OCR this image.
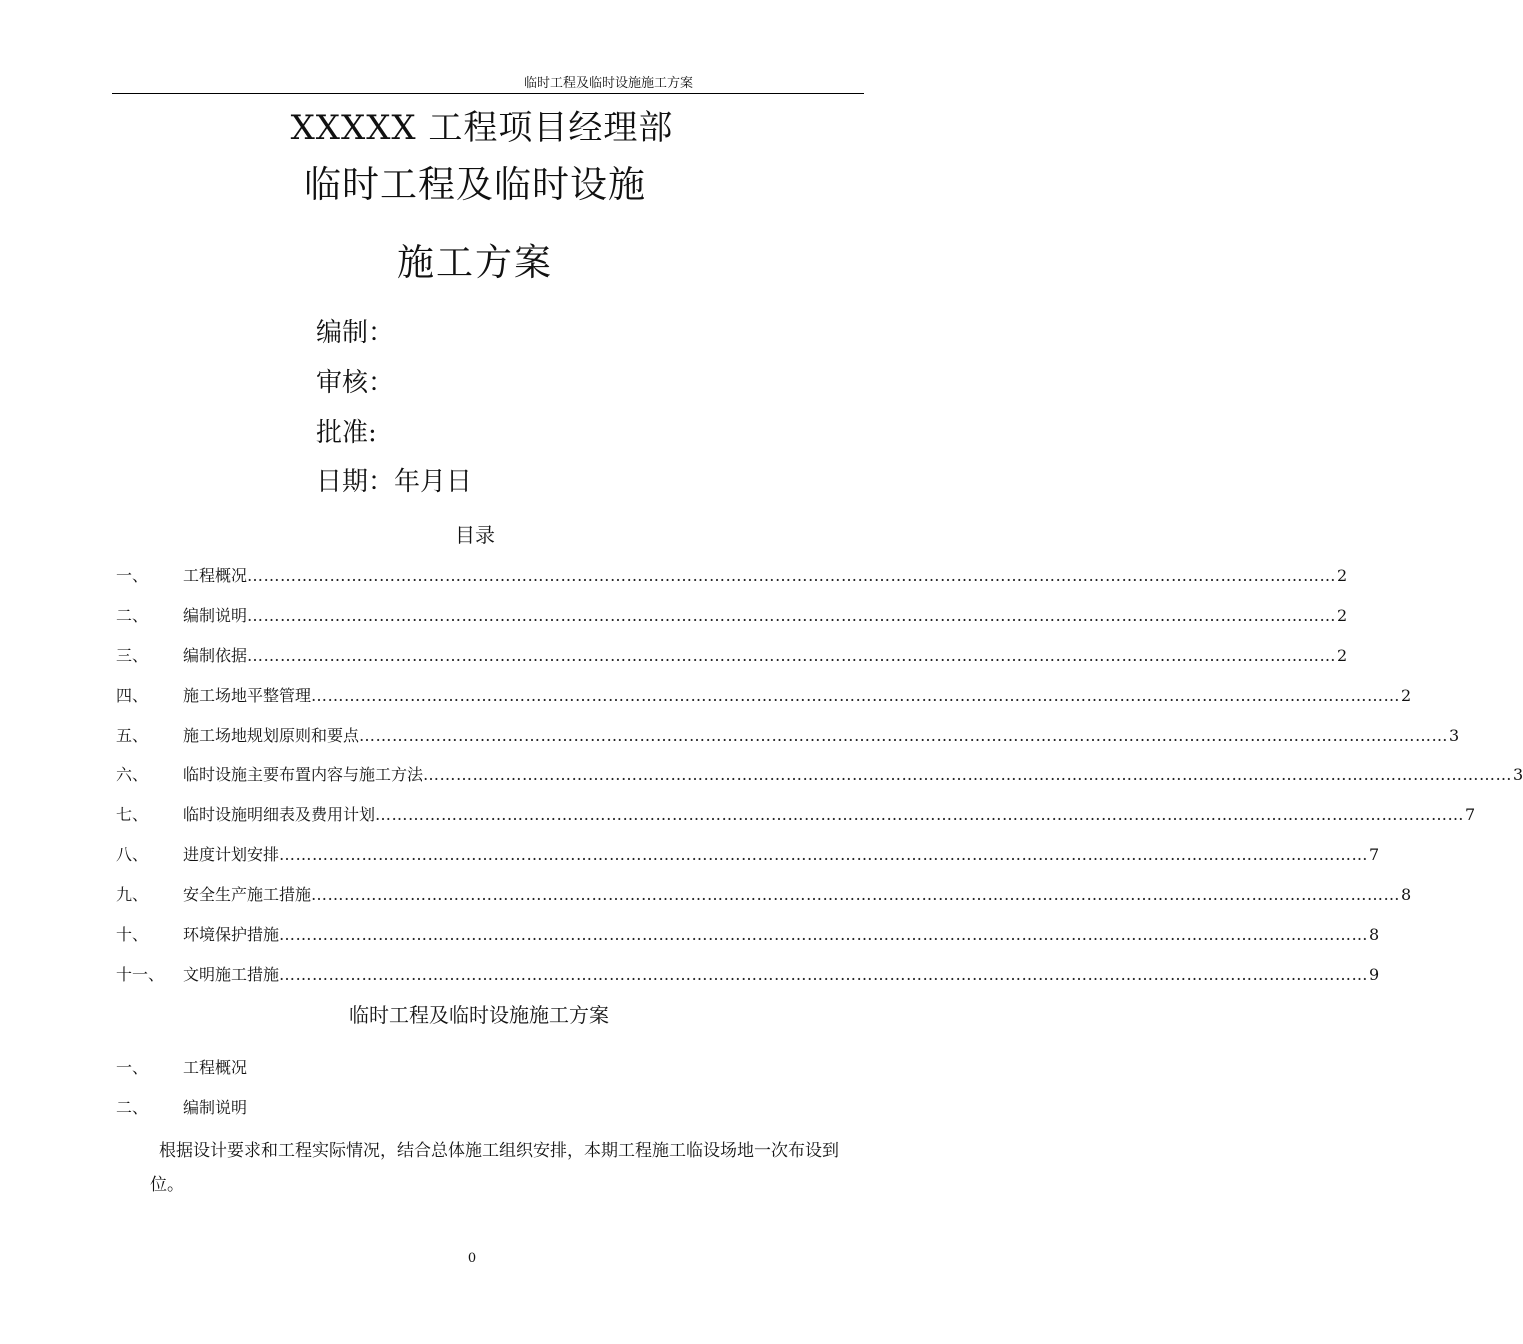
临时工程及临时设施施工方案
XXXXX 工程项目经理部
临时工程及临时设施
施工方案
编制：
审核：
批准:
日期：年月日
目录
一、	工程概况 ……………………………………………………………………………………………………………………………………………………………………………… 2
二、	编制说明 ……………………………………………………………………………………………………………………………………………………………………………… 2
三、	编制依据 ……………………………………………………………………………………………………………………………………………………………………………… 2
四、	施工场地平整管理 ……………………………………………………………………………………………………………………………………………………………………………… 2
五、	施工场地规划原则和要点 ……………………………………………………………………………………………………………………………………………………………………………… 3
六、	临时设施主要布置内容与施工方法 ……………………………………………………………………………………………………………………………………………………………………………… 3
七、	临时设施明细表及费用计划 ……………………………………………………………………………………………………………………………………………………………………………… 7
八、	进度计划安排 ……………………………………………………………………………………………………………………………………………………………………………… 7
九、	安全生产施工措施 ……………………………………………………………………………………………………………………………………………………………………………… 8
十、	环境保护措施 ……………………………………………………………………………………………………………………………………………………………………………… 8
十一、	文明施工措施 ……………………………………………………………………………………………………………………………………………………………………………… 9
临时工程及临时设施施工方案
一、	工程概况
二、	编制说明

根据设计要求和工程实际情况，结合总体施工组织安排，本期工程施工临设场地一次布设到位。

0
